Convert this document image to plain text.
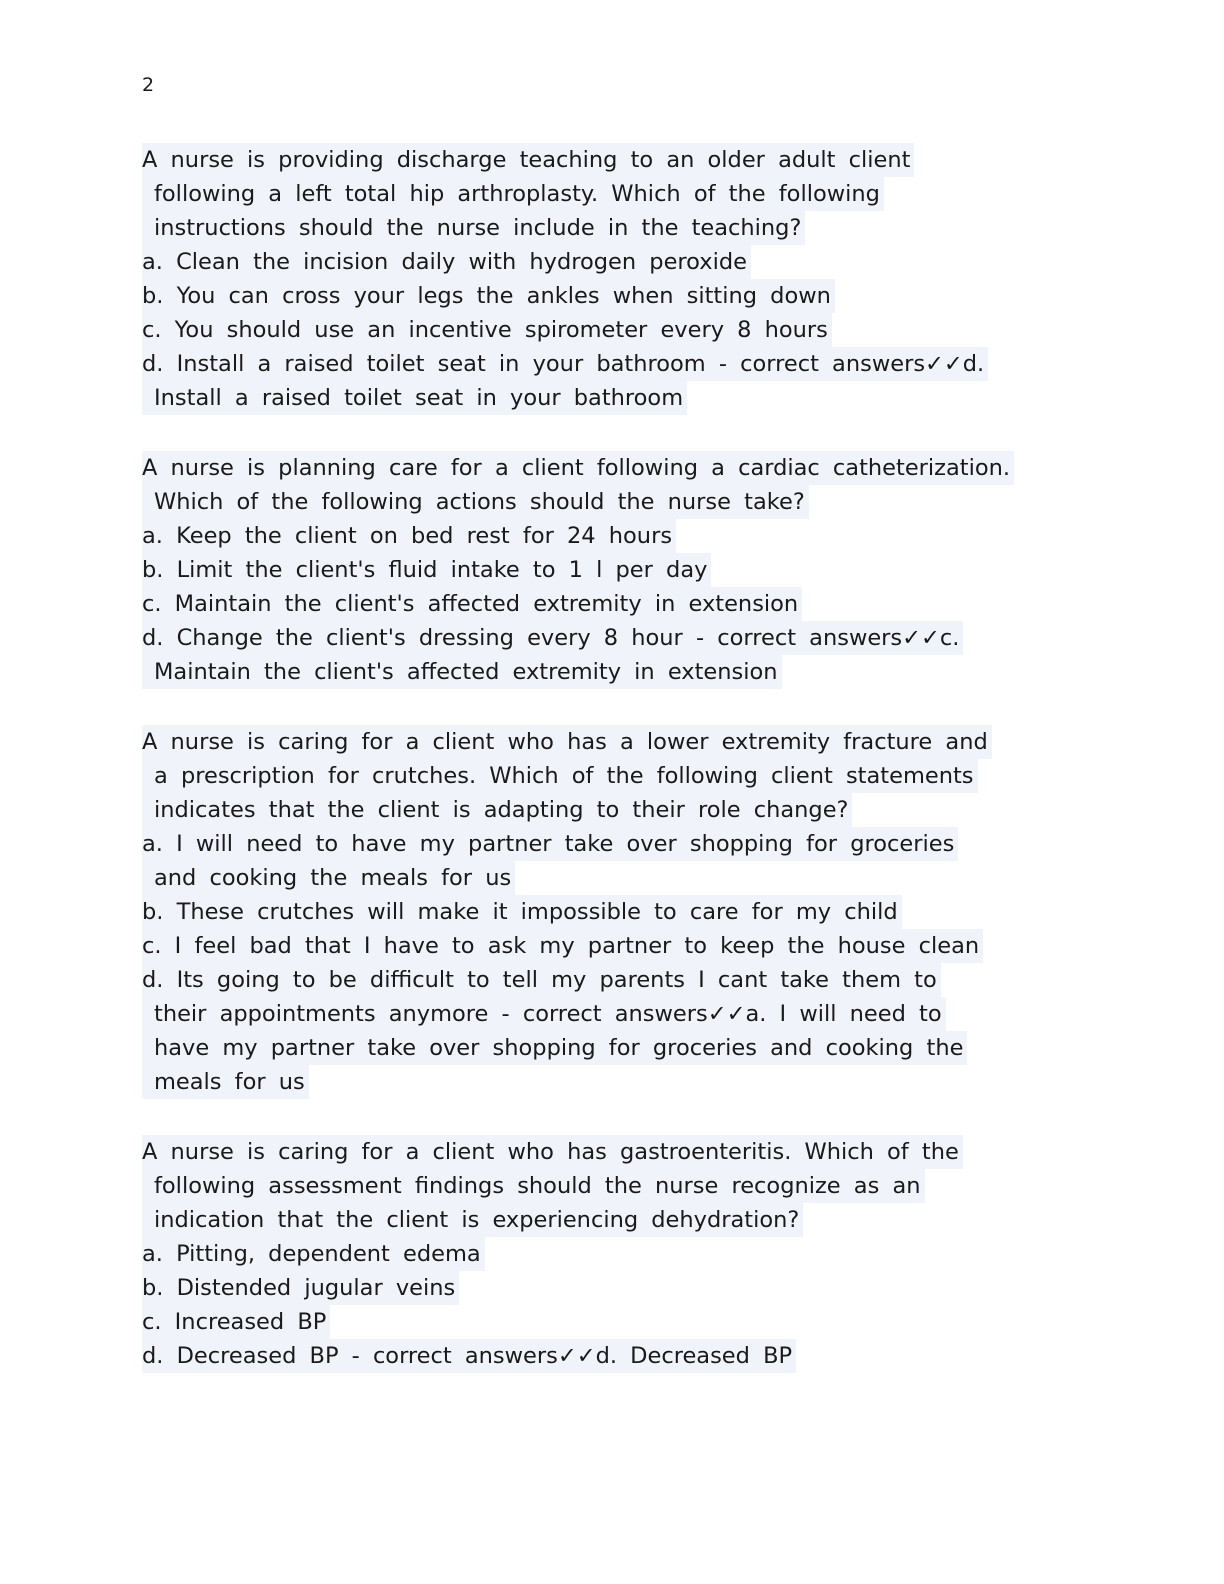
2
A nurse is providing discharge teaching to an older adult client
following a left total hip arthroplasty. Which of the following
instructions should the nurse include in the teaching?
a. Clean the incision daily with hydrogen peroxide
b. You can cross your legs the ankles when sitting down
c. You should use an incentive spirometer every 8 hours
d. Install a raised toilet seat in your bathroom - correct answers✓✓d.
Install a raised toilet seat in your bathroom
A nurse is planning care for a client following a cardiac catheterization.
Which of the following actions should the nurse take?
a. Keep the client on bed rest for 24 hours
b. Limit the client's fluid intake to 1 l per day
c. Maintain the client's affected extremity in extension
d. Change the client's dressing every 8 hour - correct answers✓✓c.
Maintain the client's affected extremity in extension
A nurse is caring for a client who has a lower extremity fracture and
a prescription for crutches. Which of the following client statements
indicates that the client is adapting to their role change?
a. I will need to have my partner take over shopping for groceries
and cooking the meals for us
b. These crutches will make it impossible to care for my child
c. I feel bad that I have to ask my partner to keep the house clean
d. Its going to be difficult to tell my parents I cant take them to
their appointments anymore - correct answers✓✓a. I will need to
have my partner take over shopping for groceries and cooking the
meals for us
A nurse is caring for a client who has gastroenteritis. Which of the
following assessment findings should the nurse recognize as an
indication that the client is experiencing dehydration?
a. Pitting, dependent edema
b. Distended jugular veins
c. Increased BP
d. Decreased BP - correct answers✓✓d. Decreased BP
